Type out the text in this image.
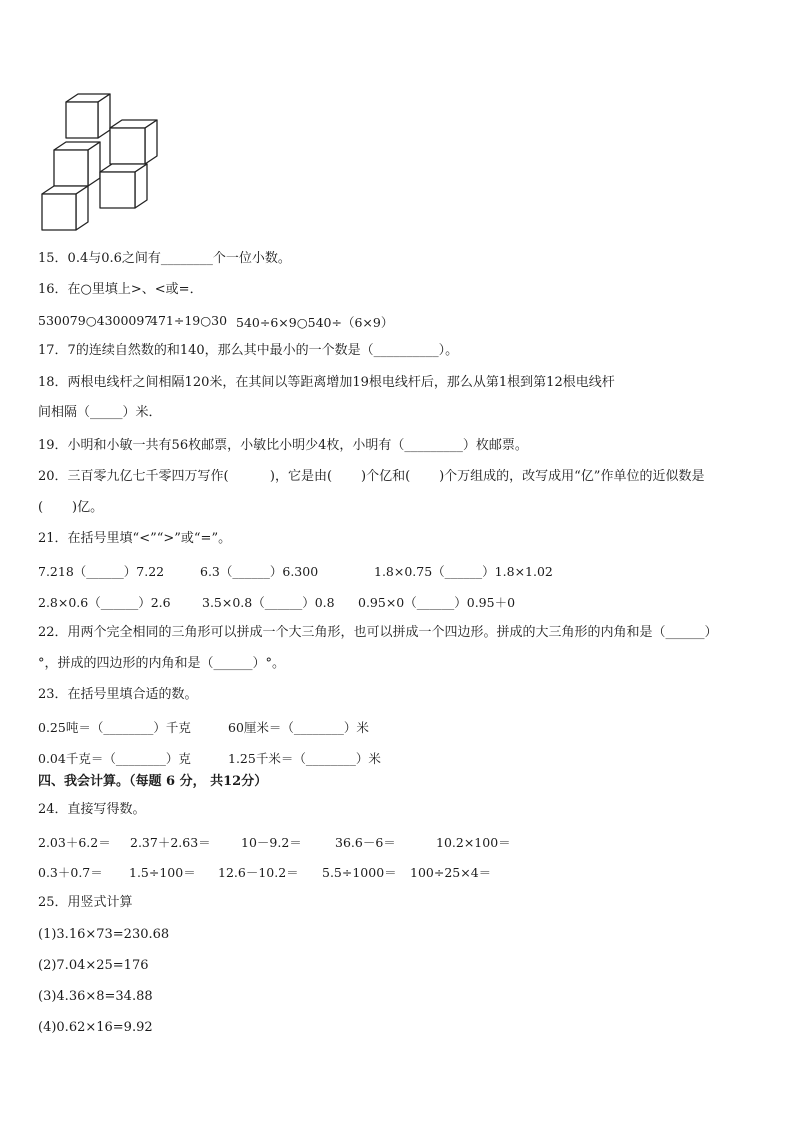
15．0.4与0.6之间有________个一位小数。
16．在○里填上>、<或=．
530079○4300097
471÷19○30 540÷6×9○540÷（6×9）
17．7的连续自然数的和140，那么其中最小的一个数是（__________）。
18．两根电线杆之间相隔120米，在其间以等距离增加19根电线杆后，那么从第1根到第12根电线杆
间相隔（_____）米．
19．小明和小敏一共有56枚邮票，小敏比小明少4枚，小明有（_________）枚邮票。
20．三百零九亿七千零四万写作(          )，它是由(       )个亿和(       )个万组成的，改写成用“亿”作单位的近似数是
(       )亿。
21．在括号里填“<”“>”或“=”。
7.218（______）7.22	6.3（______）6.300	1.8×0.75（______）1.8×1.02
2.8×0.6（______）2.6	3.5×0.8（______）0.8 0.95×0（______）0.95＋0
22．用两个完全相同的三角形可以拼成一个大三角形，也可以拼成一个四边形。拼成的大三角形的内角和是（______）
°，拼成的四边形的内角和是（______）°。
23．在括号里填合适的数。
0.25吨＝（________）千克	60厘米＝（________）米
0.04千克＝（________）克	1.25千米＝（________）米
四、我会计算。（每题 6 分， 共12分）
24．直接写得数。
2.03＋6.2＝ 2.37＋2.63＝ 10－9.2＝	36.6－6＝	10.2×100＝
0.3＋0.7＝ 1.5÷100＝ 12.6－10.2＝ 5.5÷1000＝ 100÷25×4＝
25．用竖式计算
(1)3.16×73=230.68
(2)7.04×25=176
(3)4.36×8=34.88
(4)0.62×16=9.92
